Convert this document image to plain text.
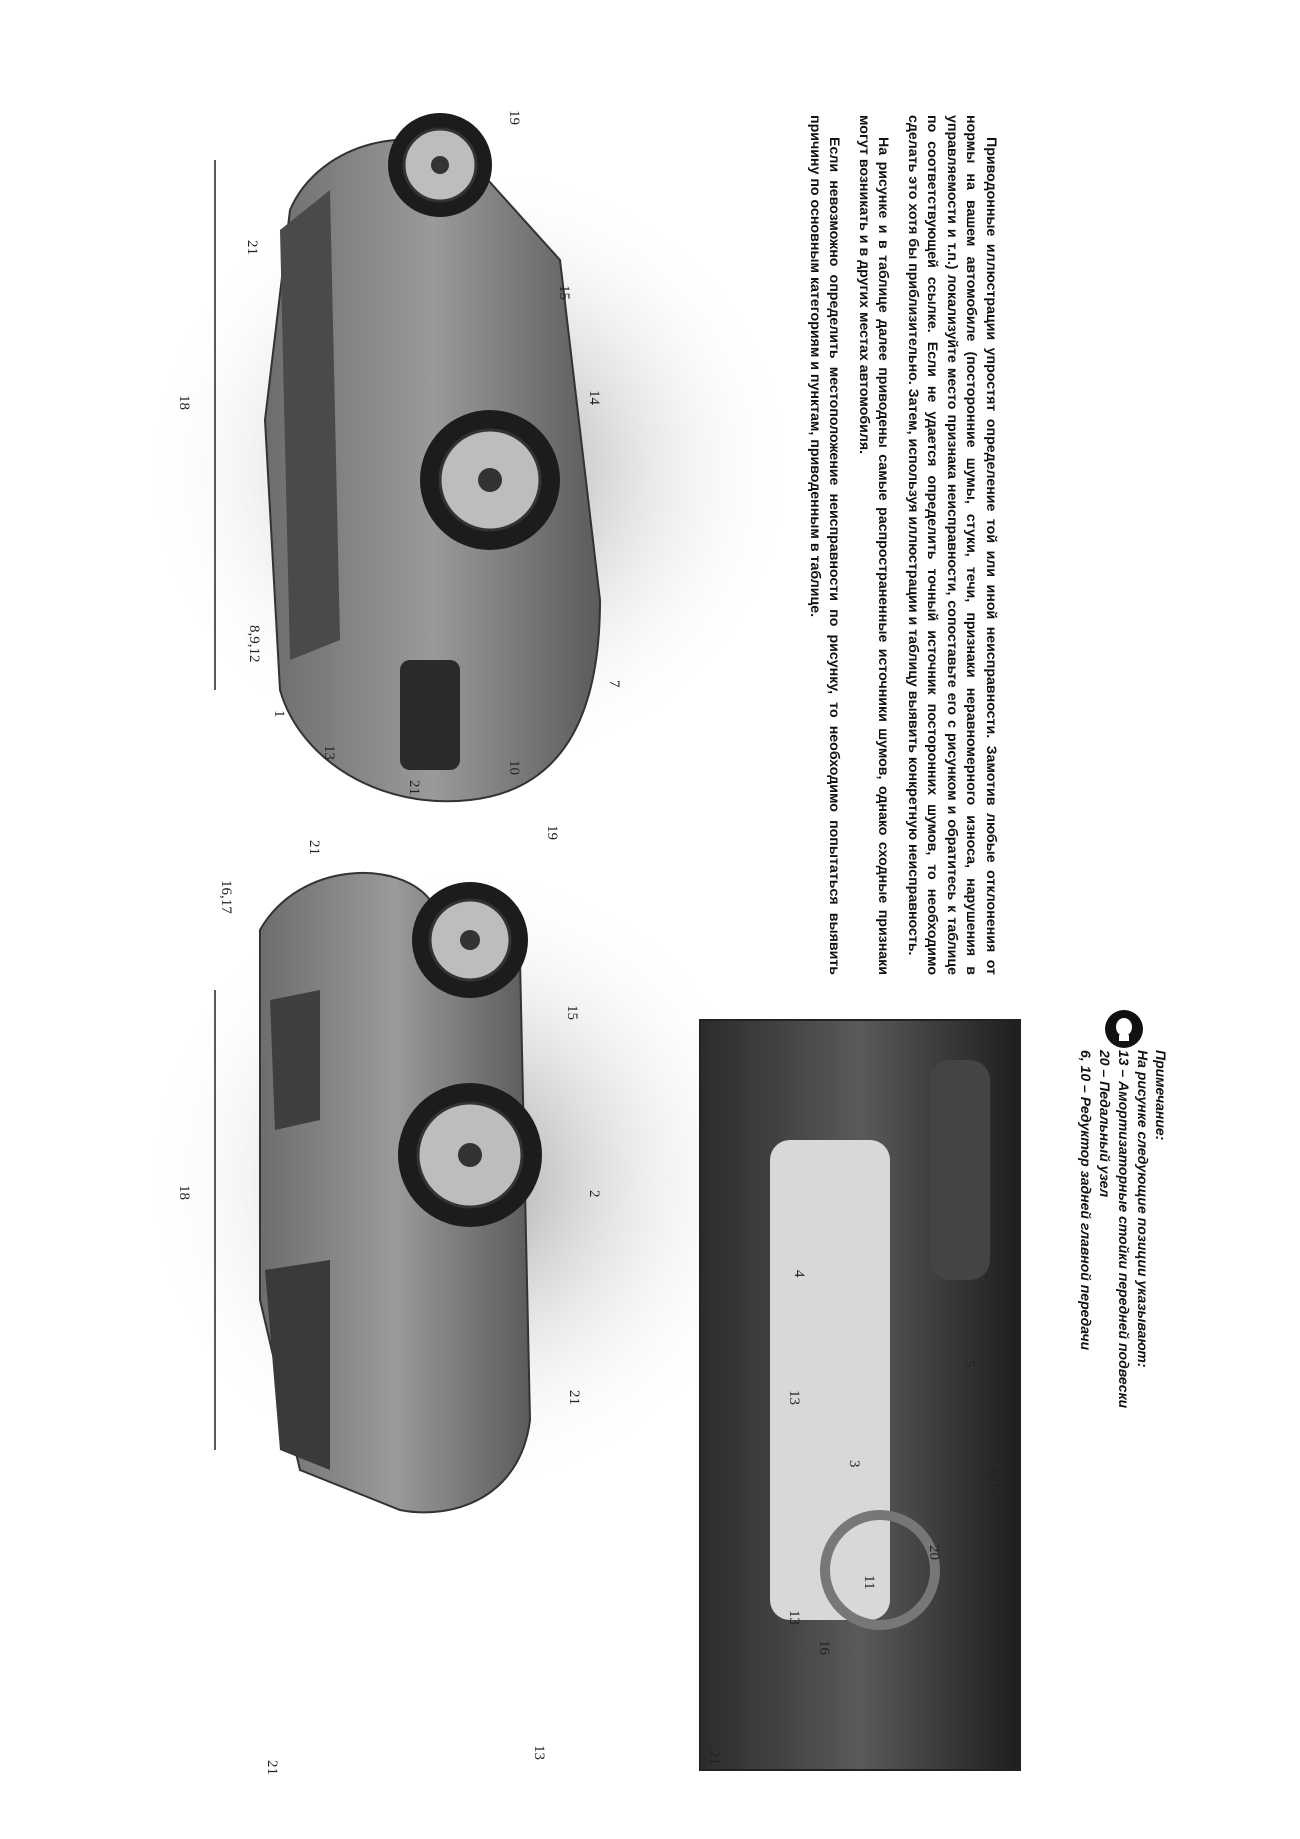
21
10
13
1
8,9,12
7
14
15
19
18
21
21
13
21
2
15
19
18
16,17
21
21
16
13
11
20
3
13
6,10
5
4

Приводонные иллюстрации упростят определение той или иной неисправности. Замотив любые отклонения от нормы на вашем автомобиле (посторонние шумы, стуки, течи, признаки неравномерного износа, нарушения в управляемости и т.п.) локализуйте место признака неисправности, сопоставьте его с рисунком и обратитесь к таблице по соответствующей ссылке. Если не удается определить точный источник посторонних шумов, то необходимо сделать это хотя бы приблизительно. Затем, используя иллюстрации и таблицу выявить конкретную неисправность.

На рисунке и в таблице далее приводены самые распространенные источники шумов, однако сходные признаки могут возникать и в других местах автомобиля.

Если невозможно определить местоположение неисправности по рисунку, то необходимо попытаться выявить причину по основным категориям и пунктам, приводенным в таблице.

Примечание:
На рисунке следующие позиции указывают:
13 – Амортизаторные стойки передней подвески
20 – Педальный узел
6, 10 – Редуктор задней главной передачи
